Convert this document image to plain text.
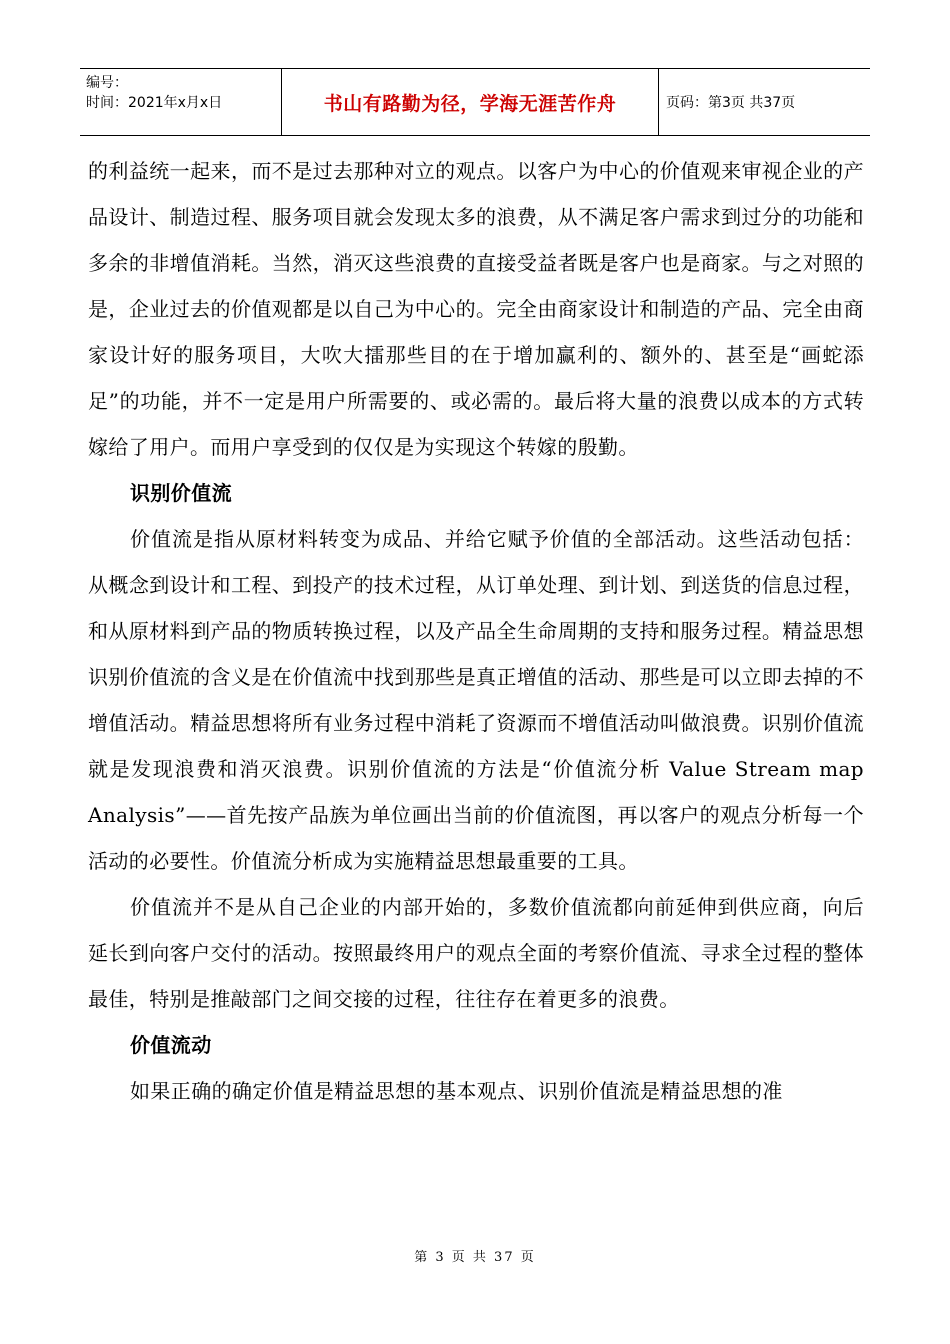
编号：
时间：2021年x月x日	书山有路勤为径，学海无涯苦作舟	页码：第3页 共37页

的利益统一起来，而不是过去那种对立的观点。以客户为中心的价值观来审视企业的产品设计、制造过程、服务项目就会发现太多的浪费，从不满足客户需求到过分的功能和多余的非增值消耗。当然，消灭这些浪费的直接受益者既是客户也是商家。与之对照的是，企业过去的价值观都是以自己为中心的。完全由商家设计和制造的产品、完全由商家设计好的服务项目，大吹大擂那些目的在于增加赢利的、额外的、甚至是“画蛇添足”的功能，并不一定是用户所需要的、或必需的。最后将大量的浪费以成本的方式转嫁给了用户。而用户享受到的仅仅是为实现这个转嫁的殷勤。

识别价值流

价值流是指从原材料转变为成品、并给它赋予价值的全部活动。这些活动包括：从概念到设计和工程、到投产的技术过程，从订单处理、到计划、到送货的信息过程，和从原材料到产品的物质转换过程，以及产品全生命周期的支持和服务过程。精益思想识别价值流的含义是在价值流中找到那些是真正增值的活动、那些是可以立即去掉的不增值活动。精益思想将所有业务过程中消耗了资源而不增值活动叫做浪费。识别价值流就是发现浪费和消灭浪费。识别价值流的方法是“价值流分析 Value Stream map Analysis”——首先按产品族为单位画出当前的价值流图，再以客户的观点分析每一个活动的必要性。价值流分析成为实施精益思想最重要的工具。

价值流并不是从自己企业的内部开始的，多数价值流都向前延伸到供应商，向后延长到向客户交付的活动。按照最终用户的观点全面的考察价值流、寻求全过程的整体最佳，特别是推敲部门之间交接的过程，往往存在着更多的浪费。

价值流动

如果正确的确定价值是精益思想的基本观点、识别价值流是精益思想的准

第 3 页 共 37 页
